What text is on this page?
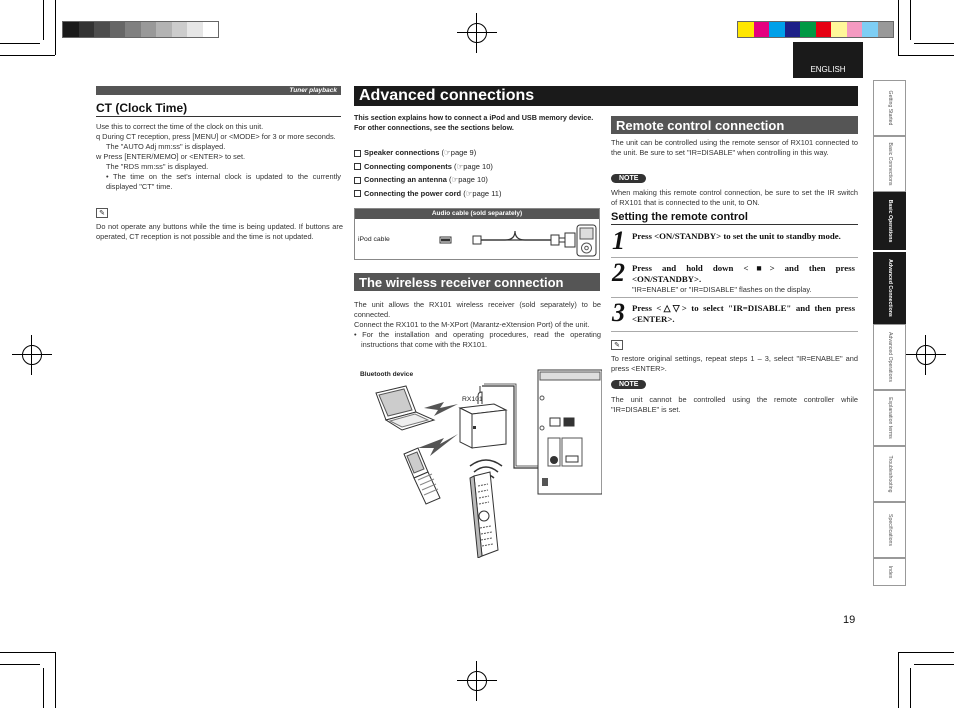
ENGLISH
Tuner playback
CT (Clock Time)
Use this to correct the time of the clock on this unit.
q During CT reception, press [MENU] or <MODE> for 3 or more seconds.
The "AUTO Adj mm:ss" is displayed.
w Press [ENTER/MEMO] or <ENTER> to set.
The "RDS mm:ss" is displayed.
• The time on the set's internal clock is updated to the currently displayed "CT" time.
✎
Do not operate any buttons while the time is being updated. If buttons are operated, CT reception is not possible and the time is not updated.
Advanced connections
This section explains how to connect a iPod and USB memory device.
For other connections, see the sections below.
Speaker connections (☞page 9)
Connecting components (☞page 10)
Connecting an antenna (☞page 10)
Connecting the power cord (☞page 11)
Audio cable (sold separately)
iPod cable
The wireless receiver connection
The unit allows the RX101 wireless receiver (sold separately) to be connected.
Connect the RX101 to the M-XPort (Marantz-eXtension Port) of the unit.
• For the installation and operating procedures, read the operating instructions that come with the RX101.
Bluetooth device
RX101
Remote control connection
The unit can be controlled using the remote sensor of RX101 connected to the unit. Be sure to set "IR=DISABLE" when controlling in this way.
NOTE
When making this remote control connection, be sure to set the IR switch of RX101 that is connected to the unit, to ON.
Setting the remote control
1 Press <ON/STANDBY> to set the unit to standby mode.
2 Press and hold down <■> and then press <ON/STANDBY>.
"IR=ENABLE" or "IR=DISABLE" flashes on the display.
3 Press <△▽> to select "IR=DISABLE" and then press <ENTER>.
✎
To restore original settings, repeat steps 1 – 3, select "IR=ENABLE" and press <ENTER>.
NOTE
The unit cannot be controlled using the remote controller while "IR=DISABLE" is set.
Getting Started
Basic Connections
Basic Operations
Advanced Connections
Advanced Operations
Explanation terms
Troubleshooting
Specifications
Index
19
